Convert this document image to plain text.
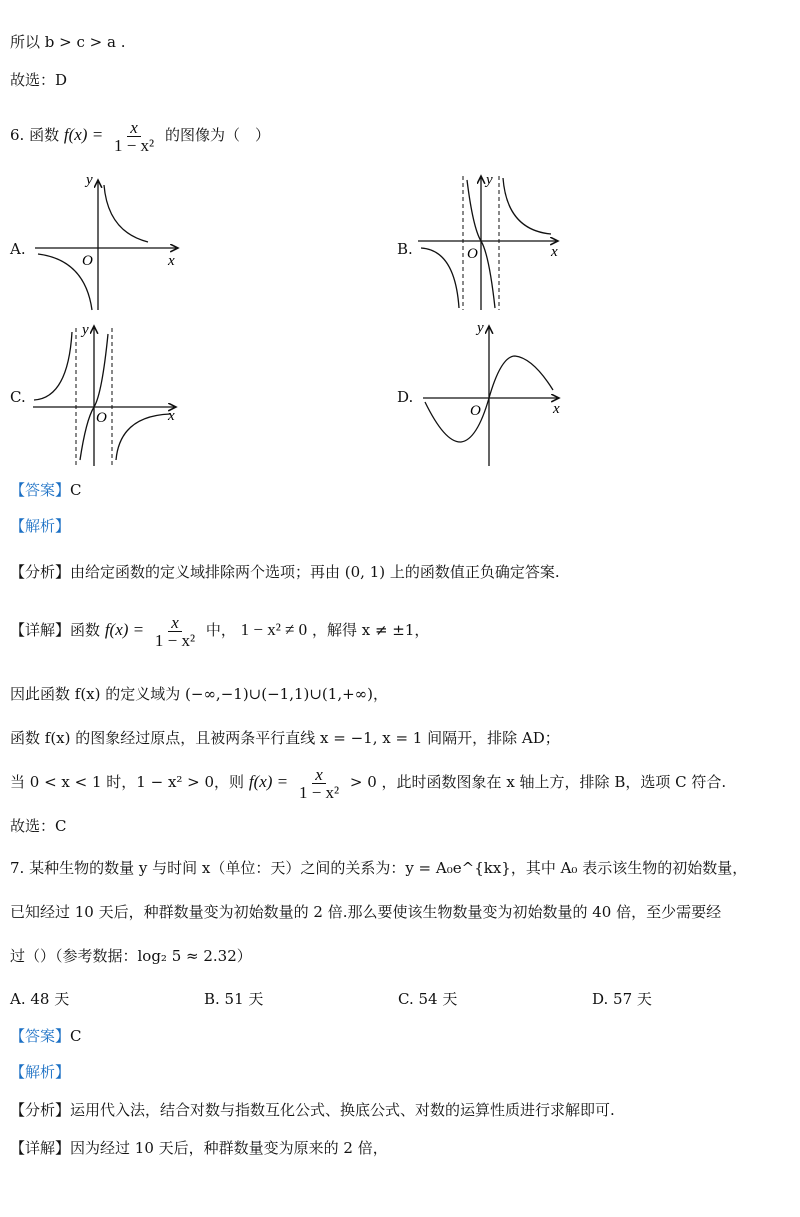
所以 b > c > a .
故选：D
6. 函数 $f(x) = \frac{x}{\text{1 − x²}}$ 的图像为（　）
A.	B.
C.	D.
O	x
y
O	x
y
O	x
y
O	x
y
【答案】C
【解析】
【分析】由给定函数的定义域排除两个选项；再由 (0, 1) 上的函数值正负确定答案.
【详解】函数 $f(x) = \frac{x}{\text{1 − x²}}$ 中， 1 − x² ≠ 0 ，解得 x ≠ ±1，
因此函数 f(x) 的定义域为 (−∞,−1)∪(−1,1)∪(1,+∞)，
函数 f(x) 的图象经过原点，且被两条平行直线 x = −1, x = 1 间隔开，排除 AD；
当 0 < x < 1 时，1 − x² > 0，则 $f(x) = \frac{x}{\text{1 − x²}} > 0$ ，此时函数图象在 x 轴上方，排除 B，选项 C 符合.
故选：C
7. 某种生物的数量 y 与时间 x（单位：天）之间的关系为：y = A₀e^{kx}，其中 A₀ 表示该生物的初始数量，
已知经过 10 天后，种群数量变为初始数量的 2 倍.那么要使该生物数量变为初始数量的 40 倍，至少需要经
过（）（参考数据：log₂ 5 ≈ 2.32）
A. 48 天	B. 51 天	C. 54 天	D. 57 天
【答案】C
【解析】
【分析】运用代入法，结合对数与指数互化公式、换底公式、对数的运算性质进行求解即可.
【详解】因为经过 10 天后，种群数量变为原来的 2 倍，
